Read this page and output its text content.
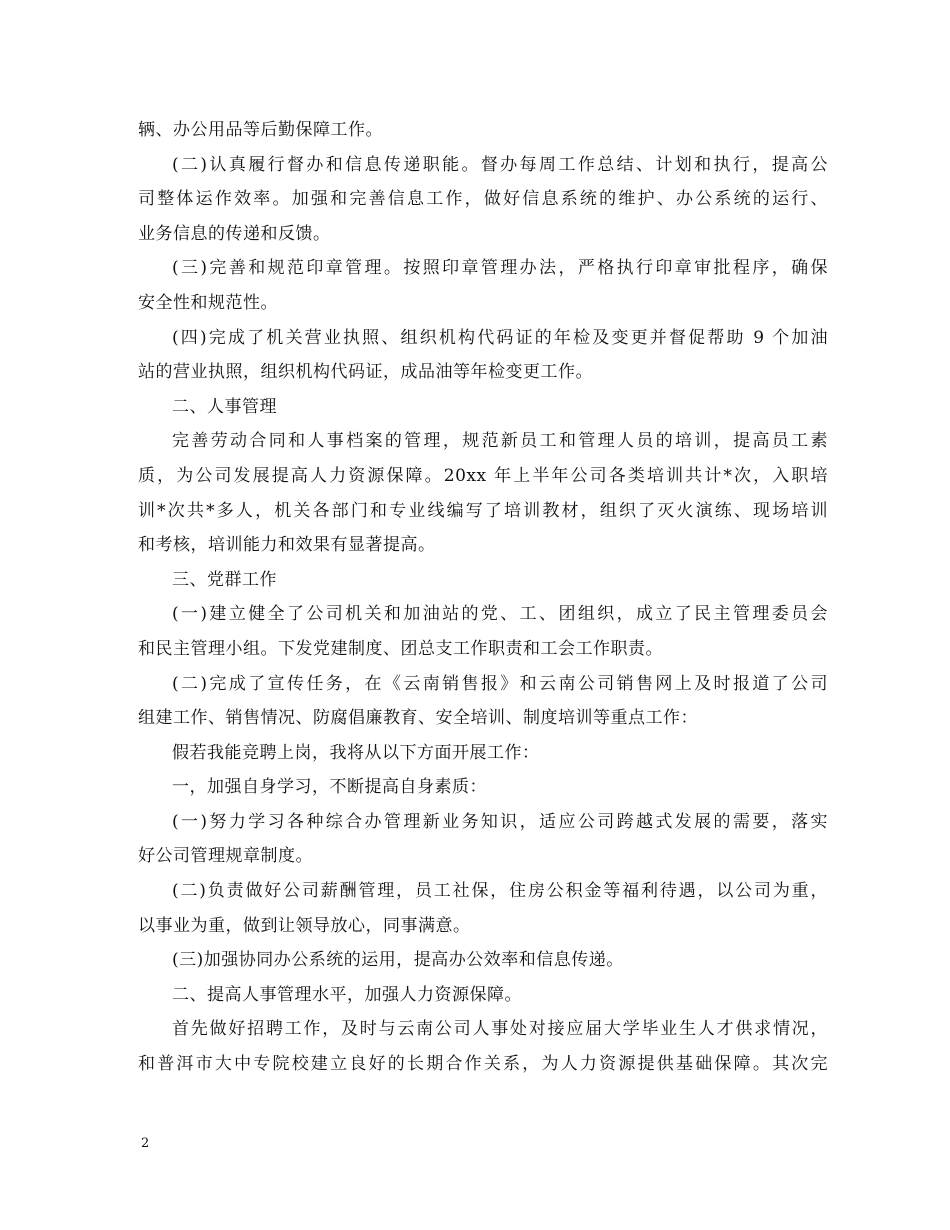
辆、办公用品等后勤保障工作。
(二)认真履行督办和信息传递职能。督办每周工作总结、计划和执行，提高公
司整体运作效率。加强和完善信息工作，做好信息系统的维护、办公系统的运行、
业务信息的传递和反馈。
(三)完善和规范印章管理。按照印章管理办法，严格执行印章审批程序，确保
安全性和规范性。
(四)完成了机关营业执照、组织机构代码证的年检及变更并督促帮助 9 个加油
站的营业执照，组织机构代码证，成品油等年检变更工作。
二、人事管理
完善劳动合同和人事档案的管理，规范新员工和管理人员的培训，提高员工素
质，为公司发展提高人力资源保障。20xx 年上半年公司各类培训共计*次，入职培
训*次共*多人，机关各部门和专业线编写了培训教材，组织了灭火演练、现场培训
和考核，培训能力和效果有显著提高。
三、党群工作
(一)建立健全了公司机关和加油站的党、工、团组织，成立了民主管理委员会
和民主管理小组。下发党建制度、团总支工作职责和工会工作职责。
(二)完成了宣传任务，在《云南销售报》和云南公司销售网上及时报道了公司
组建工作、销售情况、防腐倡廉教育、安全培训、制度培训等重点工作：
假若我能竞聘上岗，我将从以下方面开展工作：
一，加强自身学习，不断提高自身素质：
(一)努力学习各种综合办管理新业务知识，适应公司跨越式发展的需要，落实
好公司管理规章制度。
(二)负责做好公司薪酬管理，员工社保，住房公积金等福利待遇，以公司为重，
以事业为重，做到让领导放心，同事满意。
(三)加强协同办公系统的运用，提高办公效率和信息传递。
二、提高人事管理水平，加强人力资源保障。
首先做好招聘工作，及时与云南公司人事处对接应届大学毕业生人才供求情况，
和普洱市大中专院校建立良好的长期合作关系，为人力资源提供基础保障。其次完
2
